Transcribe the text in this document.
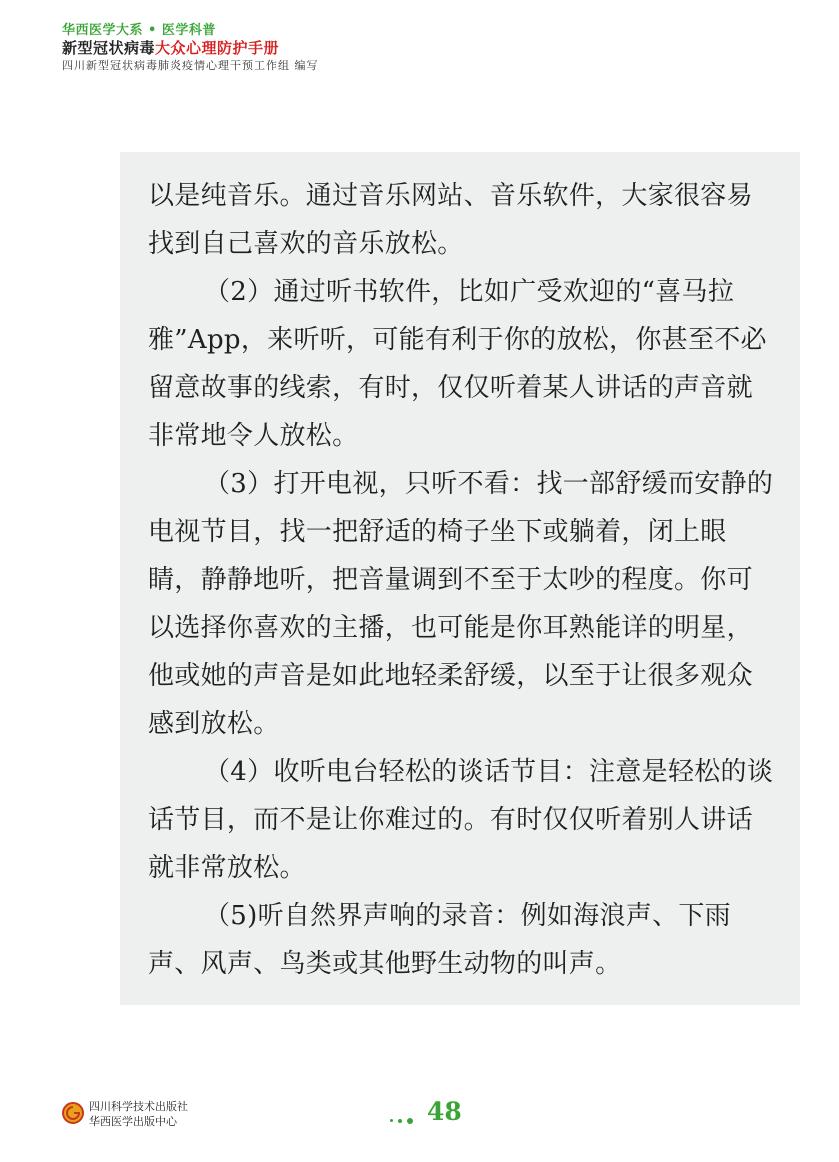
华西医学大系 • 医学科普
新型冠状病毒大众心理防护手册
四川新型冠状病毒肺炎疫情心理干预工作组 编写

以是纯音乐。通过音乐网站、音乐软件，大家很容易找到自己喜欢的音乐放松。

（2）通过听书软件，比如广受欢迎的“喜马拉雅”App，来听听，可能有利于你的放松，你甚至不必留意故事的线索，有时，仅仅听着某人讲话的声音就非常地令人放松。

（3）打开电视，只听不看：找一部舒缓而安静的电视节目，找一把舒适的椅子坐下或躺着，闭上眼睛，静静地听，把音量调到不至于太吵的程度。你可以选择你喜欢的主播，也可能是你耳熟能详的明星，他或她的声音是如此地轻柔舒缓，以至于让很多观众感到放松。

（4）收听电台轻松的谈话节目：注意是轻松的谈话节目，而不是让你难过的。有时仅仅听着别人讲话就非常放松。

（5)听自然界声响的录音：例如海浪声、下雨声、风声、鸟类或其他野生动物的叫声。

四川科学技术出版社
华西医学出版中心	48
